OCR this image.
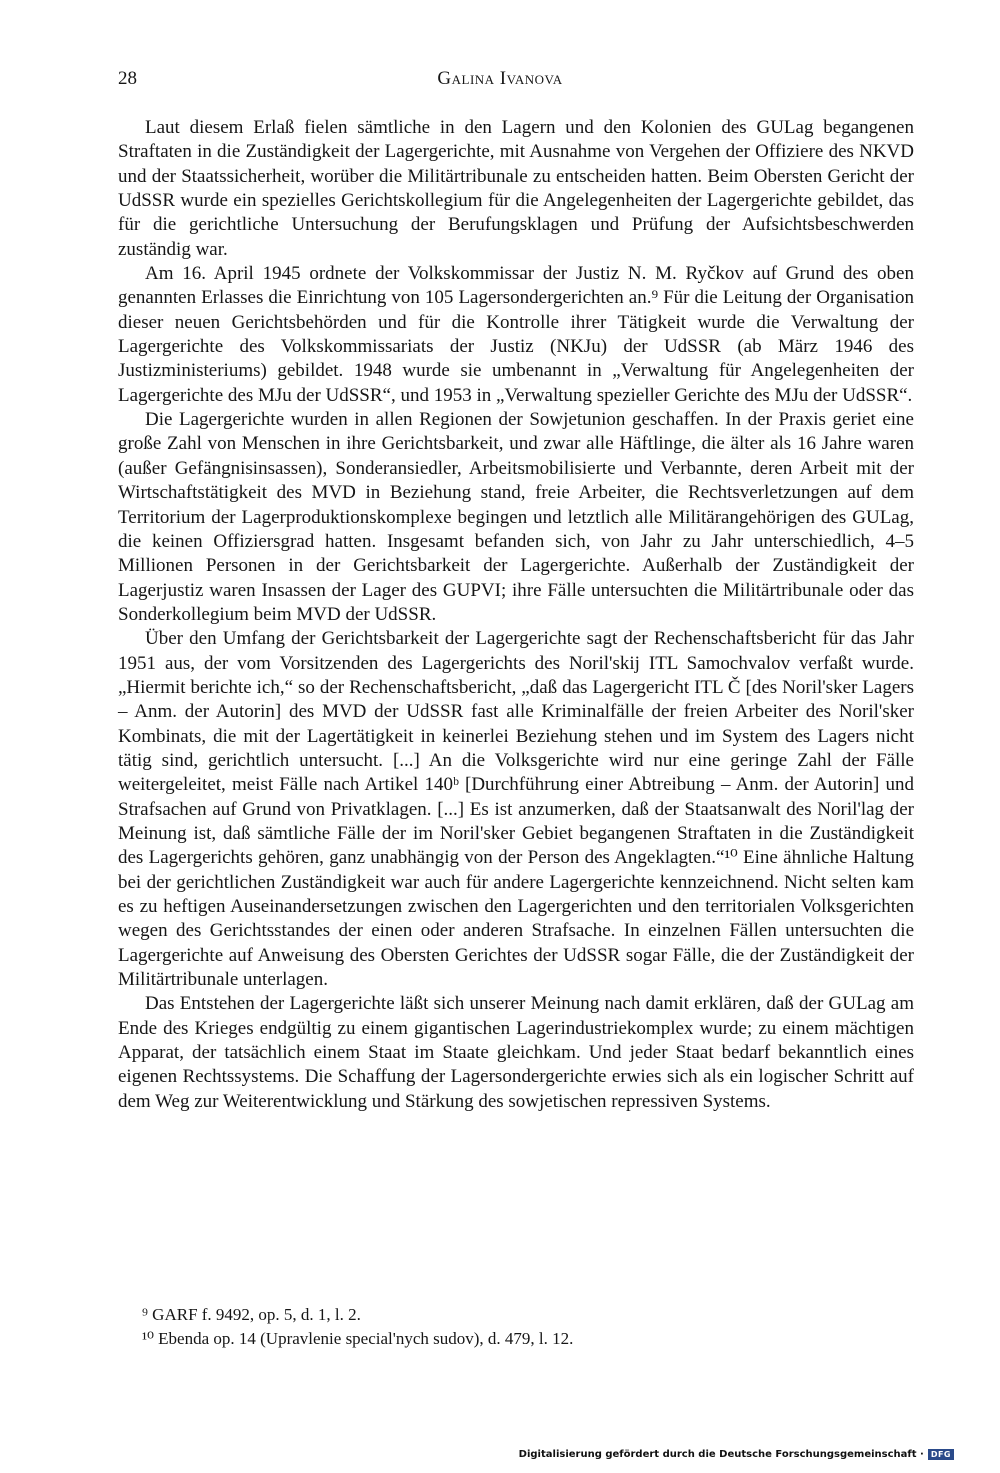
28	Galina Ivanova

Laut diesem Erlaß fielen sämtliche in den Lagern und den Kolonien des GULag begangenen Straftaten in die Zuständigkeit der Lagergerichte, mit Ausnahme von Vergehen der Offiziere des NKVD und der Staatssicherheit, worüber die Militärtribunale zu entscheiden hatten. Beim Obersten Gericht der UdSSR wurde ein spezielles Gerichtskollegium für die Angelegenheiten der Lagergerichte gebildet, das für die gerichtliche Untersuchung der Berufungsklagen und Prüfung der Aufsichtsbeschwerden zuständig war.

Am 16. April 1945 ordnete der Volkskommissar der Justiz N. M. Ryčkov auf Grund des oben genannten Erlasses die Einrichtung von 105 Lagersondergerichten an.⁹ Für die Leitung der Organisation dieser neuen Gerichtsbehörden und für die Kontrolle ihrer Tätigkeit wurde die Verwaltung der Lagergerichte des Volkskommissariats der Justiz (NKJu) der UdSSR (ab März 1946 des Justizministeriums) gebildet. 1948 wurde sie umbenannt in „Verwaltung für Angelegenheiten der Lagergerichte des MJu der UdSSR“, und 1953 in „Verwaltung spezieller Gerichte des MJu der UdSSR“.

Die Lagergerichte wurden in allen Regionen der Sowjetunion geschaffen. In der Praxis geriet eine große Zahl von Menschen in ihre Gerichtsbarkeit, und zwar alle Häftlinge, die älter als 16 Jahre waren (außer Gefängnisinsassen), Sonderansiedler, Arbeitsmobilisierte und Verbannte, deren Arbeit mit der Wirtschaftstätigkeit des MVD in Beziehung stand, freie Arbeiter, die Rechtsverletzungen auf dem Territorium der Lagerproduktionskomplexe begingen und letztlich alle Militärangehörigen des GULag, die keinen Offiziersgrad hatten. Insgesamt befanden sich, von Jahr zu Jahr unterschiedlich, 4–5 Millionen Personen in der Gerichtsbarkeit der Lagergerichte. Außerhalb der Zuständigkeit der Lagerjustiz waren Insassen der Lager des GUPVI; ihre Fälle untersuchten die Militärtribunale oder das Sonderkollegium beim MVD der UdSSR.

Über den Umfang der Gerichtsbarkeit der Lagergerichte sagt der Rechenschaftsbericht für das Jahr 1951 aus, der vom Vorsitzenden des Lagergerichts des Noril'skij ITL Samochvalov verfaßt wurde. „Hiermit berichte ich,“ so der Rechenschaftsbericht, „daß das Lagergericht ITL Č [des Noril'sker Lagers – Anm. der Autorin] des MVD der UdSSR fast alle Kriminalfälle der freien Arbeiter des Noril'sker Kombinats, die mit der Lagertätigkeit in keinerlei Beziehung stehen und im System des Lagers nicht tätig sind, gerichtlich untersucht. [...] An die Volksgerichte wird nur eine geringe Zahl der Fälle weitergeleitet, meist Fälle nach Artikel 140ᵇ [Durchführung einer Abtreibung – Anm. der Autorin] und Strafsachen auf Grund von Privatklagen. [...] Es ist anzumerken, daß der Staatsanwalt des Noril'lag der Meinung ist, daß sämtliche Fälle der im Noril'sker Gebiet begangenen Straftaten in die Zuständigkeit des Lagergerichts gehören, ganz unabhängig von der Person des Angeklagten.“¹⁰ Eine ähnliche Haltung bei der gerichtlichen Zuständigkeit war auch für andere Lagergerichte kennzeichnend. Nicht selten kam es zu heftigen Auseinandersetzungen zwischen den Lagergerichten und den territorialen Volksgerichten wegen des Gerichtsstandes der einen oder anderen Strafsache. In einzelnen Fällen untersuchten die Lagergerichte auf Anweisung des Obersten Gerichtes der UdSSR sogar Fälle, die der Zuständigkeit der Militärtribunale unterlagen.

Das Entstehen der Lagergerichte läßt sich unserer Meinung nach damit erklären, daß der GULag am Ende des Krieges endgültig zu einem gigantischen Lagerindustriekomplex wurde; zu einem mächtigen Apparat, der tatsächlich einem Staat im Staate gleichkam. Und jeder Staat bedarf bekanntlich eines eigenen Rechtssystems. Die Schaffung der Lagersondergerichte erwies sich als ein logischer Schritt auf dem Weg zur Weiterentwicklung und Stärkung des sowjetischen repressiven Systems.

⁹ GARF f. 9492, op. 5, d. 1, l. 2.

¹⁰ Ebenda op. 14 (Upravlenie special'nych sudov), d. 479, l. 12.

Digitalisierung gefördert durch die Deutsche Forschungsgemeinschaft · DFG
